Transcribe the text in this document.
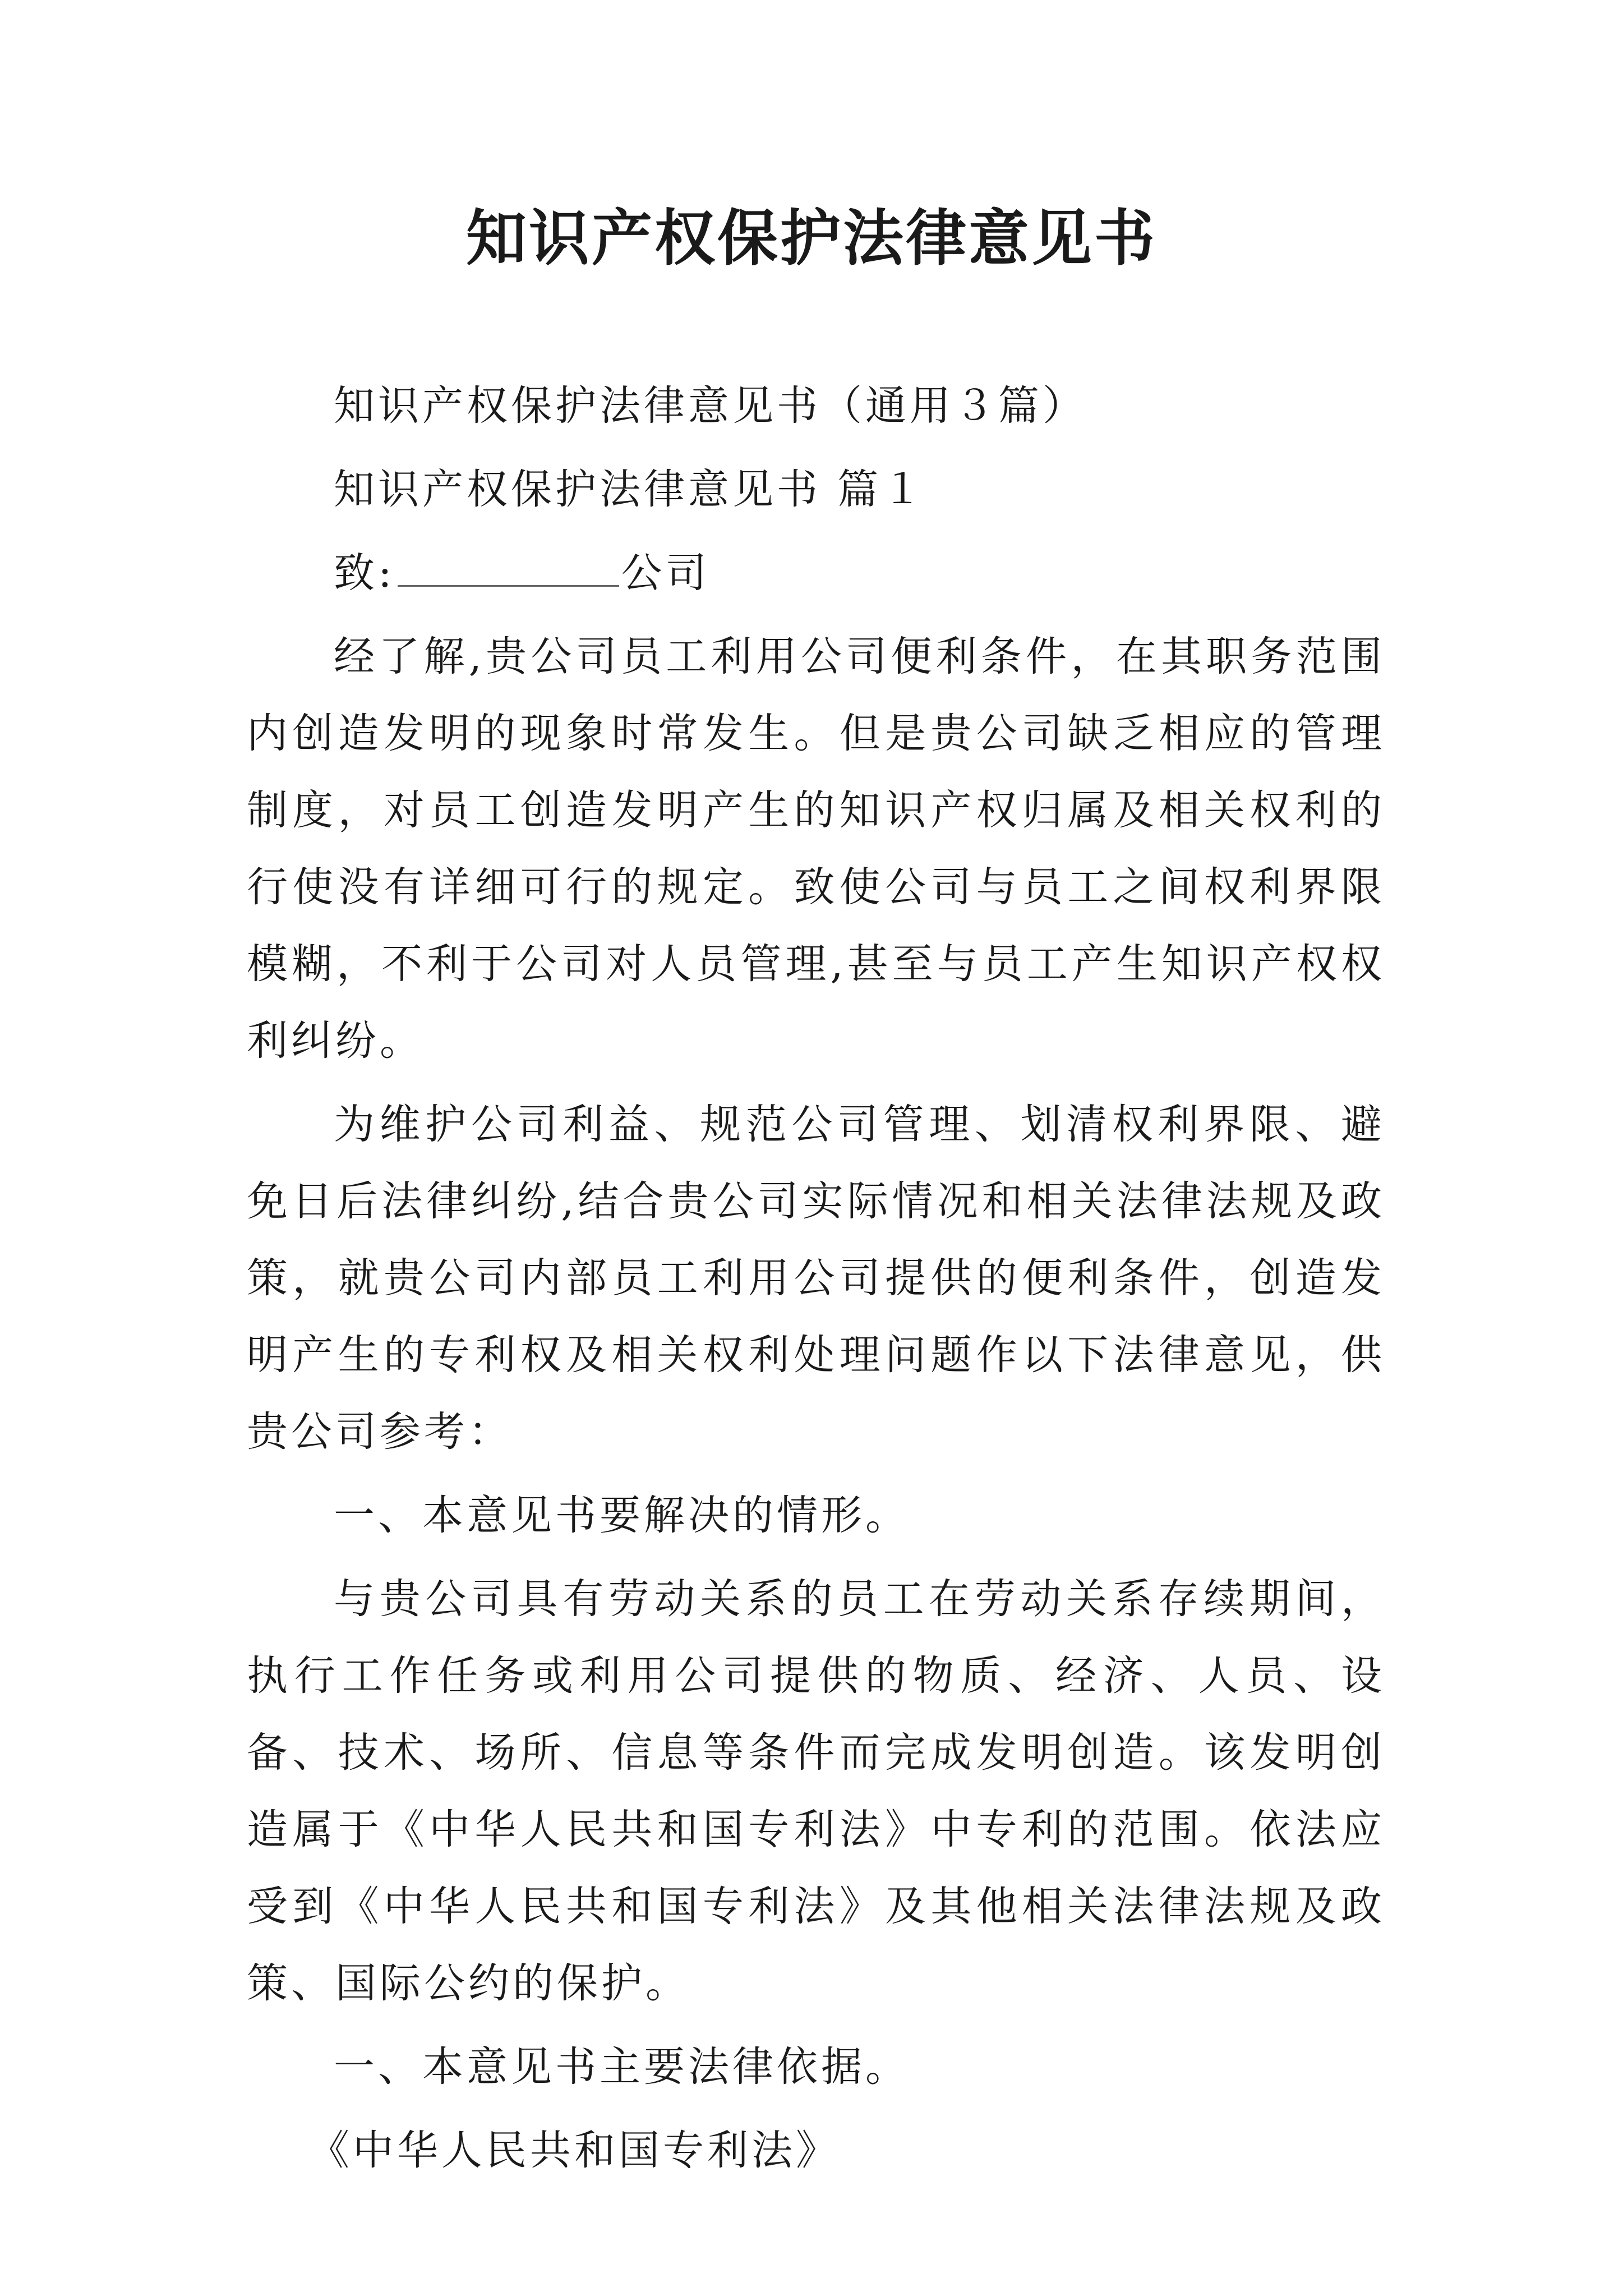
知识产权保护法律意见书

知识产权保护法律意见书（通用３篇）

知识产权保护法律意见书 篇１

致:	公司

经了解,贵公司员工利用公司便利条件，在其职务范围内创造发明的现象时常发生。但是贵公司缺乏相应的管理制度，对员工创造发明产生的知识产权归属及相关权利的行使没有详细可行的规定。致使公司与员工之间权利界限模糊，不利于公司对人员管理,甚至与员工产生知识产权权利纠纷。

为维护公司利益、规范公司管理、划清权利界限、避免日后法律纠纷,结合贵公司实际情况和相关法律法规及政策，就贵公司内部员工利用公司提供的便利条件，创造发明产生的专利权及相关权利处理问题作以下法律意见，供贵公司参考：

一、本意见书要解决的情形。

与贵公司具有劳动关系的员工在劳动关系存续期间，执行工作任务或利用公司提供的物质、经济、人员、设备、技术、场所、信息等条件而完成发明创造。该发明创造属于《中华人民共和国专利法》中专利的范围。依法应受到《中华人民共和国专利法》及其他相关法律法规及政策、国际公约的保护。

一、本意见书主要法律依据。

《中华人民共和国专利法》
